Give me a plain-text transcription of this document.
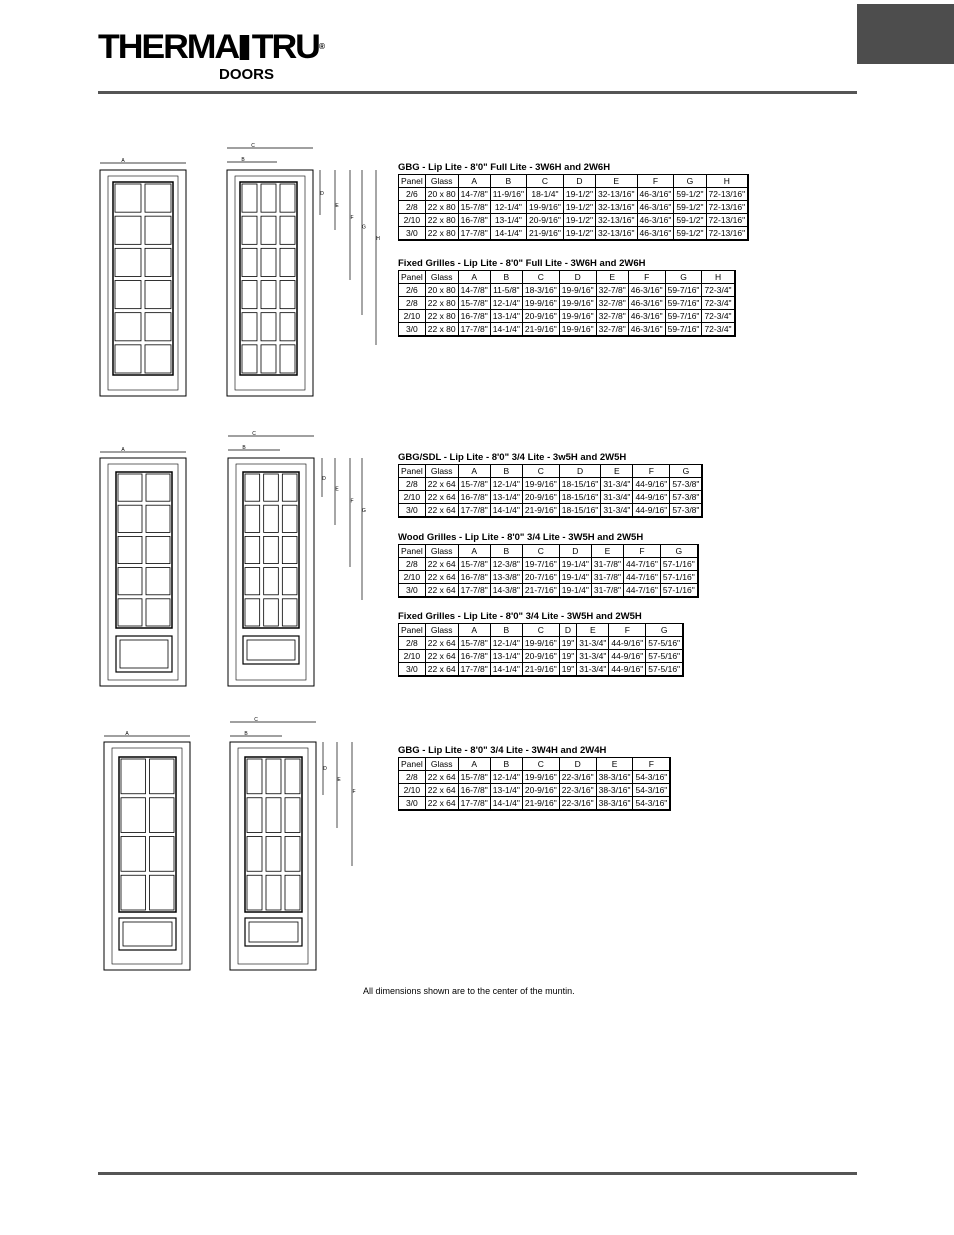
THERMA TRU®
DOORS
A
C
B
D
E
F
G
H
A
C
B
D
E
F
G
A
C
B
D
E
F
GBG - Lip Lite - 8'0" Full Lite - 3W6H and 2W6H
Panel	Glass	A	B	C	D	E	F	G	H
2/6	20 x 80	14-7/8"	11-9/16"	18-1/4"	19-1/2"	32-13/16"	46-3/16"	59-1/2"	72-13/16"
2/8	22 x 80	15-7/8"	12-1/4"	19-9/16"	19-1/2"	32-13/16"	46-3/16"	59-1/2"	72-13/16"
2/10	22 x 80	16-7/8"	13-1/4"	20-9/16"	19-1/2"	32-13/16"	46-3/16"	59-1/2"	72-13/16"
3/0	22 x 80	17-7/8"	14-1/4"	21-9/16"	19-1/2"	32-13/16"	46-3/16"	59-1/2"	72-13/16"
Fixed Grilles - Lip Lite - 8'0" Full Lite - 3W6H and 2W6H
Panel	Glass	A	B	C	D	E	F	G	H
2/6	20 x 80	14-7/8"	11-5/8"	18-3/16"	19-9/16"	32-7/8"	46-3/16"	59-7/16"	72-3/4"
2/8	22 x 80	15-7/8"	12-1/4"	19-9/16"	19-9/16"	32-7/8"	46-3/16"	59-7/16"	72-3/4"
2/10	22 x 80	16-7/8"	13-1/4"	20-9/16"	19-9/16"	32-7/8"	46-3/16"	59-7/16"	72-3/4"
3/0	22 x 80	17-7/8"	14-1/4"	21-9/16"	19-9/16"	32-7/8"	46-3/16"	59-7/16"	72-3/4"
GBG/SDL - Lip Lite - 8'0" 3/4 Lite - 3w5H and 2W5H
Panel	Glass	A	B	C	D	E	F	G
2/8	22 x 64	15-7/8"	12-1/4"	19-9/16"	18-15/16"	31-3/4"	44-9/16"	57-3/8"
2/10	22 x 64	16-7/8"	13-1/4"	20-9/16"	18-15/16"	31-3/4"	44-9/16"	57-3/8"
3/0	22 x 64	17-7/8"	14-1/4"	21-9/16"	18-15/16"	31-3/4"	44-9/16"	57-3/8"
Wood Grilles - Lip Lite - 8'0" 3/4 Lite - 3W5H and 2W5H
Panel	Glass	A	B	C	D	E	F	G
2/8	22 x 64	15-7/8"	12-3/8"	19-7/16"	19-1/4"	31-7/8"	44-7/16"	57-1/16"
2/10	22 x 64	16-7/8"	13-3/8"	20-7/16"	19-1/4"	31-7/8"	44-7/16"	57-1/16"
3/0	22 x 64	17-7/8"	14-3/8"	21-7/16"	19-1/4"	31-7/8"	44-7/16"	57-1/16"
Fixed Grilles - Lip Lite - 8'0" 3/4 Lite - 3W5H and 2W5H
Panel	Glass	A	B	C	D	E	F	G
2/8	22 x 64	15-7/8"	12-1/4"	19-9/16"	19"	31-3/4"	44-9/16"	57-5/16"
2/10	22 x 64	16-7/8"	13-1/4"	20-9/16"	19"	31-3/4"	44-9/16"	57-5/16"
3/0	22 x 64	17-7/8"	14-1/4"	21-9/16"	19"	31-3/4"	44-9/16"	57-5/16"
GBG - Lip Lite - 8'0" 3/4 Lite - 3W4H and 2W4H
Panel	Glass	A	B	C	D	E	F
2/8	22 x 64	15-7/8"	12-1/4"	19-9/16"	22-3/16"	38-3/16"	54-3/16"
2/10	22 x 64	16-7/8"	13-1/4"	20-9/16"	22-3/16"	38-3/16"	54-3/16"
3/0	22 x 64	17-7/8"	14-1/4"	21-9/16"	22-3/16"	38-3/16"	54-3/16"
All dimensions shown are to the center of the muntin.
